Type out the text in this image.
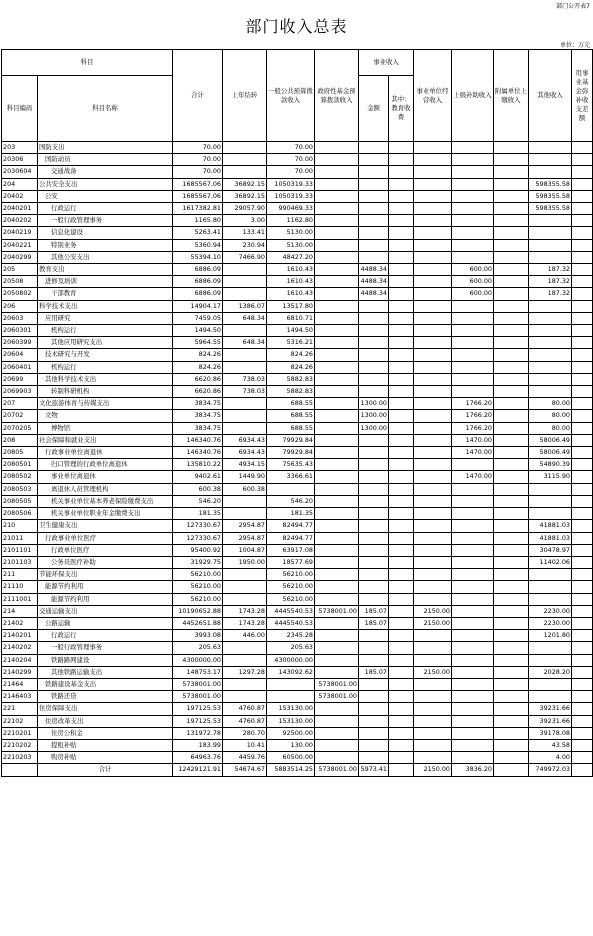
部门公开表7
部门收入总表
单位：万元
科目		合计	上年结转	一般公共预算拨款收入	政府性基金预算拨款收入	事业收入		事业单位经营收入	上级补助收入	附属单位上缴收入	其他收入	用事业基金弥补收支差额
科目编码	科目名称					金额	其中：教育收费					
203	国防支出	70.00		70.00								
20306	国防动员	70.00		70.00								
2030604	交通战备	70.00		70.00								
204	公共安全支出	1685567.06	36892.15	1050319.33							598355.58	
20402	公安	1685567.06	36892.15	1050319.33							598355.58	
2040201	行政运行	1617382.81	29057.90	990469.33							598355.58	
2040202	一般行政管理事务	1165.80	3.00	1162.80								
2040219	信息化建设	5263.41	133.41	5130.00								
2040221	特别业务	5360.94	230.94	5130.00								
2040299	其他公安支出	55394.10	7466.90	48427.20								
205	教育支出	6886.09		1610.43		4488.34			600.00		187.32	
20508	进修及培训	6886.09		1610.43		4488.34			600.00		187.32	
2050802	干部教育	6886.09		1610.43		4488.34			600.00		187.32	
206	科学技术支出	14904.17	1386.07	13517.80								
20603	应用研究	7459.05	648.34	6810.71								
2060301	机构运行	1494.50		1494.50								
2060399	其他应用研究支出	5964.55	648.34	5316.21								
20604	技术研究与开发	824.26		824.26								
2060401	机构运行	824.26		824.26								
20699	其他科学技术支出	6620.86	738.03	5882.83								
2069903	转制科研机构	6620.86	738.03	5882.83								
207	文化旅游体育与传媒支出	3834.75		688.55		1300.00			1766.20		80.00	
20702	文物	3834.75		688.55		1300.00			1766.20		80.00	
2070205	博物馆	3834.75		688.55		1300.00			1766.20		80.00	
208	社会保障和就业支出	146340.76	6934.43	79929.84					1470.00		58006.49	
20805	行政事业单位离退休	146340.76	6934.43	79929.84					1470.00		58006.49	
2080501	归口管理的行政单位离退休	135810.22	4934.15	75635.43							54890.39	
2080502	事业单位离退休	9402.61	1449.90	3366.61					1470.00		3115.90	
2080503	离退休人员管理机构	600.38	600.38									
2080505	机关事业单位基本养老保险缴费支出	546.20		546.20								
2080506	机关事业单位职业年金缴费支出	181.35		181.35								
210	卫生健康支出	127330.67	2954.87	82494.77							41881.03	
21011	行政事业单位医疗	127330.67	2954.87	82494.77							41881.03	
2101101	行政单位医疗	95400.92	1004.87	63917.08							30478.97	
2101103	公务员医疗补助	31929.75	1950.00	18577.69							11402.06	
211	节能环保支出	56210.00		56210.00								
21110	能源节约利用	56210.00		56210.00								
2111001	能源节约利用	56210.00		56210.00								
214	交通运输支出	10190652.88	1743.28	4445540.53	5738001.00	185.07		2150.00			2230.00	
21402	公路运输	4452651.88	1743.28	4445540.53		185.07		2150.00			2230.00	
2140201	行政运行	3993.08	446.00	2345.28							1201.80	
2140202	一般行政管理事务	205.63		205.63								
2140204	铁路路网建设	4300000.00		4300000.00								
2140299	其他铁路运输支出	148753.17	1297.28	143092.62		185.07		2150.00			2028.20	
21464	铁路建设基金支出	5738001.00			5738001.00							
2146403	铁路还贷	5738001.00			5738001.00							
221	住房保障支出	197125.53	4760.87	153130.00							39231.66	
22102	住房改革支出	197125.53	4760.87	153130.00							39231.66	
2210201	住房公积金	131972.78	280.70	92500.00							39178.08	
2210202	提租补贴	183.99	10.41	130.00							43.58	
2210203	购房补贴	64963.76	4459.76	60500.00							4.00	
	合计	12429121.91	54674.67	5883514.25	5738001.00	5973.41		2150.00	3836.20		749972.03	
